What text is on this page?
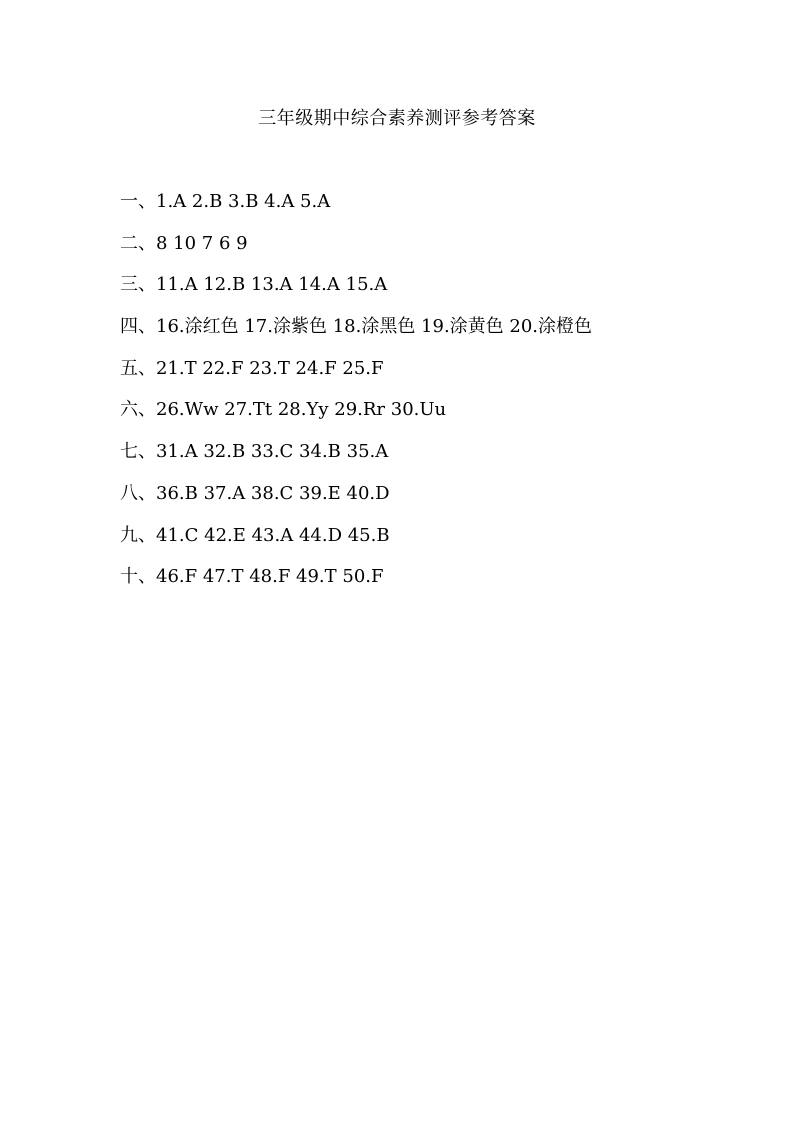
三年级期中综合素养测评参考答案
一、1.A 2.B 3.B 4.A 5.A
二、8 10 7 6 9
三、11.A 12.B 13.A 14.A 15.A
四、16.涂红色 17.涂紫色 18.涂黑色 19.涂黄色 20.涂橙色
五、21.T 22.F 23.T 24.F 25.F
六、26.Ww 27.Tt 28.Yy 29.Rr 30.Uu
七、31.A 32.B 33.C 34.B 35.A
八、36.B 37.A 38.C 39.E 40.D
九、41.C 42.E 43.A 44.D 45.B
十、46.F 47.T 48.F 49.T 50.F
